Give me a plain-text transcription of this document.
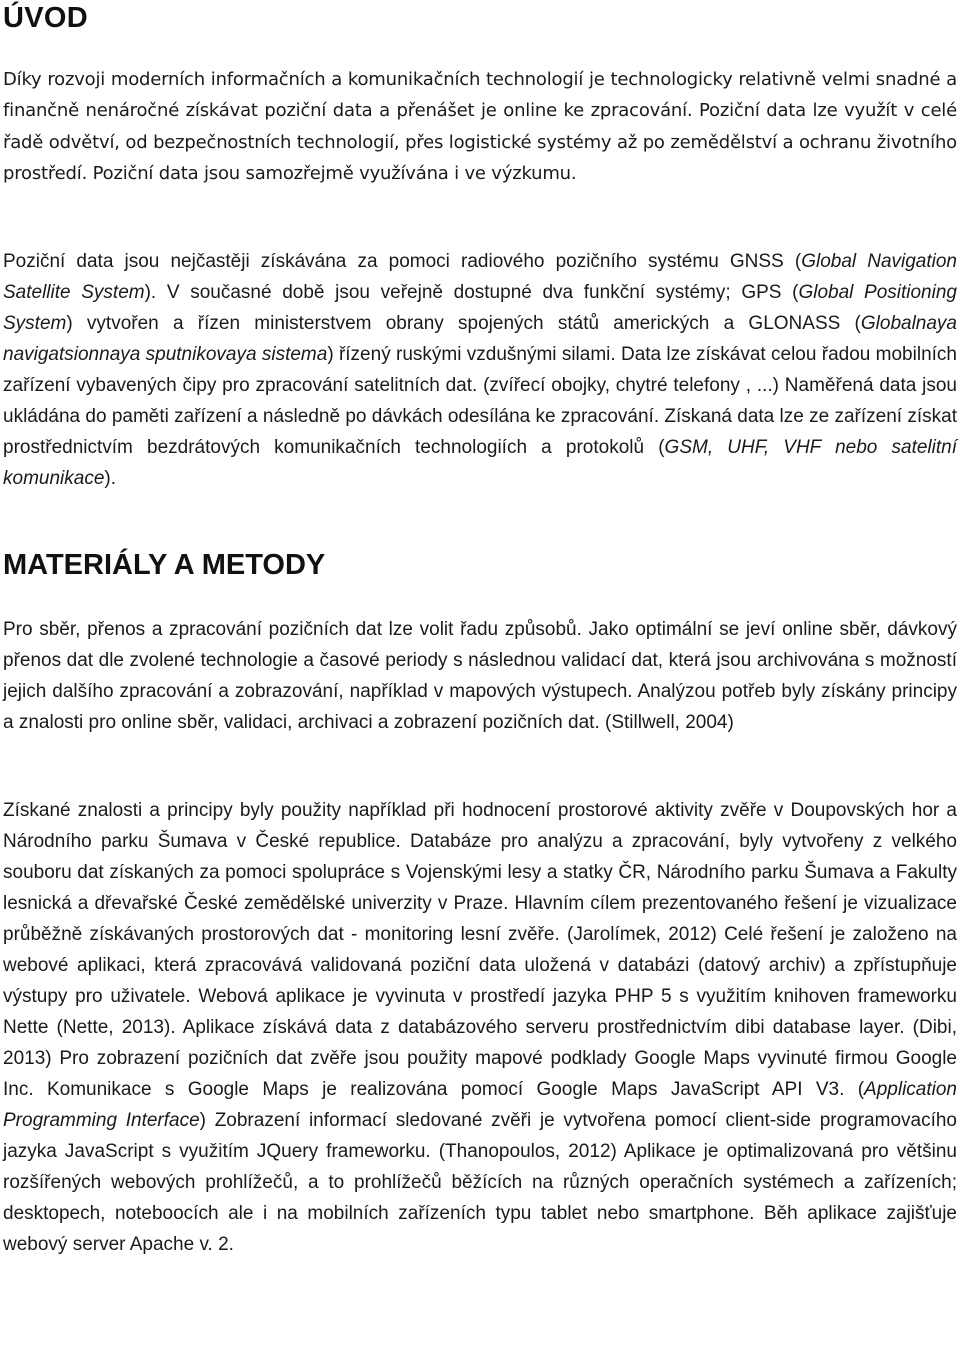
ÚVOD

Díky rozvoji moderních informačních a komunikačních technologií je technologicky relativně velmi snadné a finančně nenáročné získávat poziční data a přenášet je online ke zpracování. Poziční data lze využít v celé řadě odvětví, od bezpečnostních technologií, přes logistické systémy až po zemědělství a ochranu životního prostředí. Poziční data jsou samozřejmě využívána i ve výzkumu.

Poziční data jsou nejčastěji získávána za pomoci radiového pozičního systému GNSS (Global Navigation Satellite System). V současné době jsou veřejně dostupné dva funkční systémy; GPS (Global Positioning System) vytvořen a řízen ministerstvem obrany spojených států amerických a GLONASS (Globalnaya navigatsionnaya sputnikovaya sistema) řízený ruskými vzdušnými silami. Data lze získávat celou řadou mobilních zařízení vybavených čipy pro zpracování satelitních dat. (zvířecí obojky, chytré telefony , ...) Naměřená data jsou ukládána do paměti zařízení a následně po dávkách odesílána ke zpracování. Získaná data lze ze zařízení získat prostřednictvím bezdrátových komunikačních technologiích a protokolů (GSM, UHF, VHF nebo satelitní komunikace).

MATERIÁLY A METODY

Pro sběr, přenos a zpracování pozičních dat lze volit řadu způsobů. Jako optimální se jeví online sběr, dávkový přenos dat dle zvolené technologie a časové periody s následnou validací dat, která jsou archivována s možností jejich dalšího zpracování a zobrazování, například v mapových výstupech. Analýzou potřeb byly získány principy a znalosti pro online sběr, validaci, archivaci a zobrazení pozičních dat. (Stillwell, 2004)

Získané znalosti a principy byly použity například při hodnocení prostorové aktivity zvěře v Doupovských hor a Národního parku Šumava v České republice. Databáze pro analýzu a zpracování, byly vytvořeny z velkého souboru dat získaných za pomoci spolupráce s Vojenskými lesy a statky ČR, Národního parku Šumava a Fakulty lesnická a dřevařské České zemědělské univerzity v Praze. Hlavním cílem prezentovaného řešení je vizualizace průběžně získávaných prostorových dat - monitoring lesní zvěře. (Jarolímek, 2012) Celé řešení je založeno na webové aplikaci, která zpracovává validovaná poziční data uložená v databázi (datový archiv) a zpřístupňuje výstupy pro uživatele. Webová aplikace je vyvinuta v prostředí jazyka PHP 5 s využitím knihoven frameworku Nette (Nette, 2013). Aplikace získává data z databázového serveru prostřednictvím dibi database layer. (Dibi, 2013) Pro zobrazení pozičních dat zvěře jsou použity mapové podklady Google Maps vyvinuté firmou Google Inc. Komunikace s Google Maps je realizována pomocí Google Maps JavaScript API V3. (Application Programming Interface) Zobrazení informací sledované zvěři je vytvořena pomocí client-side programovacího jazyka JavaScript s využitím JQuery frameworku. (Thanopoulos, 2012) Aplikace je optimalizovaná pro většinu rozšířených webových prohlížečů, a to prohlížečů běžících na různých operačních systémech a zařízeních; desktopech, noteboocích ale i na mobilních zařízeních typu tablet nebo smartphone. Běh aplikace zajišťuje webový server Apache v. 2.
